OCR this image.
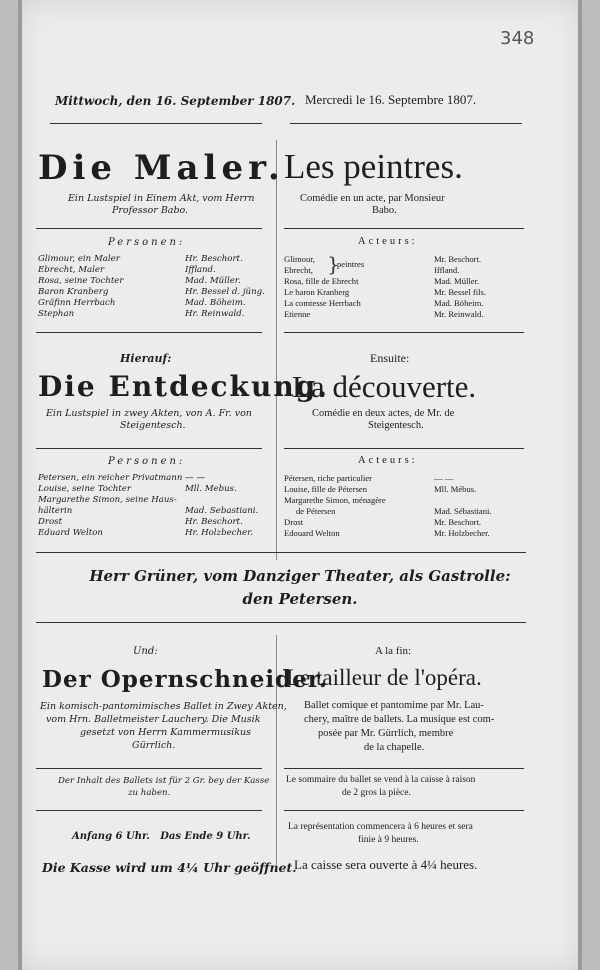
348
Mittwoch, den 16. September 1807. Mercredi le 16. Septembre 1807.
Die Maler. Les peintres.
Ein Lustspiel in Einem Akt, vom Herrn
Professor Babo.
Comédie en un acte, par Monsieur
Babo.
Personen:	Acteurs:
Glimour, ein Maler	Hr. Beschort.
Ebrecht, Maler	Iffland.
Rosa, seine Tochter	Mad. Müller.
Baron Kranberg	Hr. Bessel d. jüng.
Gräfinn Herrbach	Mad. Böheim.
Stephan	Hr. Reinwald.
Glimour,	Mr. Beschort.
Ebrecht,	Iffland.
}
peintres
Rosa, fille de Ebrecht	Mad. Müller.
Le baron Kranberg	Mr. Bessel fils.
La comtesse Herrbach	Mad. Böheim.
Etienne	Mr. Reinwald.
Hierauf:	Ensuite:
Die Entdeckung.
La découverte.
Ein Lustspiel in zwey Akten, von A. Fr. von
Steigentesch.
Comédie en deux actes, de Mr. de
Steigentesch.
Personen:	Acteurs:
Petersen, ein reicher Privatmann — —
Louise, seine Tochter	Mll. Mebus.
Margarethe Simon, seine Haus-
hälterin	Mad. Sebastiani.
Drost	Hr. Beschort.
Eduard Welton	Hr. Holzbecher.
Pétersen, riche particulier	— —
Louise, fille de Pétersen	Mll. Mébus.
Margarethe Simon, ménagère
de Pétersen	Mad. Sébastiani.
Drost	Mr. Beschort.
Edouard Welton	Mr. Holzbecher.
Herr Grüner, vom Danziger Theater, als Gastrolle:
den Petersen.
Und:	A la fin:
Der Opernschneider.
Le tailleur de l'opéra.
Ein komisch-pantomimisches Ballet in Zwey Akten,
vom Hrn. Balletmeister Lauchery. Die Musik
gesetzt von Herrn Kammermusikus
Gürrlich.
Ballet comique et pantomime par Mr. Lau-
chery, maître de ballets. La musique est com-
posée par Mr. Gürrlich, membre
de la chapelle.
Der Inhalt des Ballets ist für 2 Gr. bey der Kasse
zu haben.
Le sommaire du ballet se vend à la caisse à raison
de 2 gros la pièce.
Anfang 6 Uhr.   Das Ende 9 Uhr.
La représentation commencera à 6 heures et sera
finie à 9 heures.
Die Kasse wird um 4¼ Uhr geöffnet.
La caisse sera ouverte à 4¼ heures.
